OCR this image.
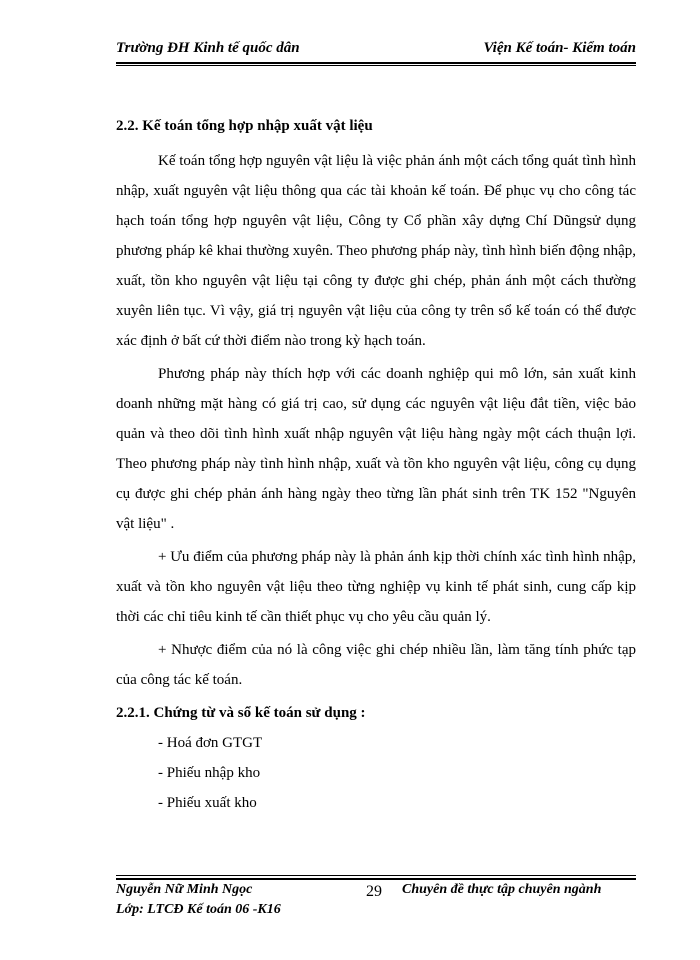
Trường ĐH Kinh tế quốc dân	Viện Kế toán- Kiểm toán
2.2. Kế toán tổng hợp nhập xuất vật liệu

Kế toán tổng hợp nguyên vật liệu là việc phản ánh một cách tổng quát tình hình nhập, xuất nguyên vật liệu thông qua các tài khoản kế toán. Để phục vụ cho công tác hạch toán tổng hợp nguyên vật liệu, Công ty Cổ phần xây dựng Chí Dũngsử dụng phương pháp kê khai thường xuyên. Theo phương pháp này, tình hình biến động nhập, xuất, tồn kho nguyên vật liệu tại công ty được ghi chép, phản ánh một cách thường xuyên liên tục. Vì vậy, giá trị nguyên vật liệu của công ty trên sổ kế toán có thể được xác định ở bất cứ thời điểm nào trong kỳ hạch toán.

Phương pháp này thích hợp với các doanh nghiệp qui mô lớn, sản xuất kinh doanh những mặt hàng có giá trị cao, sử dụng các nguyên vật liệu đắt tiền, việc bảo quản và theo dõi tình hình xuất nhập nguyên vật liệu hàng ngày một cách thuận lợi. Theo phương pháp này tình hình nhập, xuất và tồn kho nguyên vật liệu, công cụ dụng cụ được ghi chép phản ánh hàng ngày theo từng lần phát sinh trên TK 152 "Nguyên vật liệu" .

+ Ưu điểm của phương pháp này là phản ánh kịp thời chính xác tình hình nhập, xuất và tồn kho nguyên vật liệu theo từng nghiệp vụ kinh tế phát sinh, cung cấp kịp thời các chỉ tiêu kinh tế cần thiết phục vụ cho yêu cầu quản lý.

+ Nhược điểm của nó là công việc ghi chép nhiều lần, làm tăng tính phức tạp của công tác kế toán.

2.2.1. Chứng từ và sổ kế toán sử dụng :
- Hoá đơn GTGT
- Phiếu nhập kho
- Phiếu xuất kho
Nguyễn Nữ Minh Ngọc
Lớp: LTCĐ Kế toán 06 -K16
29 Chuyên đề thực tập chuyên ngành
